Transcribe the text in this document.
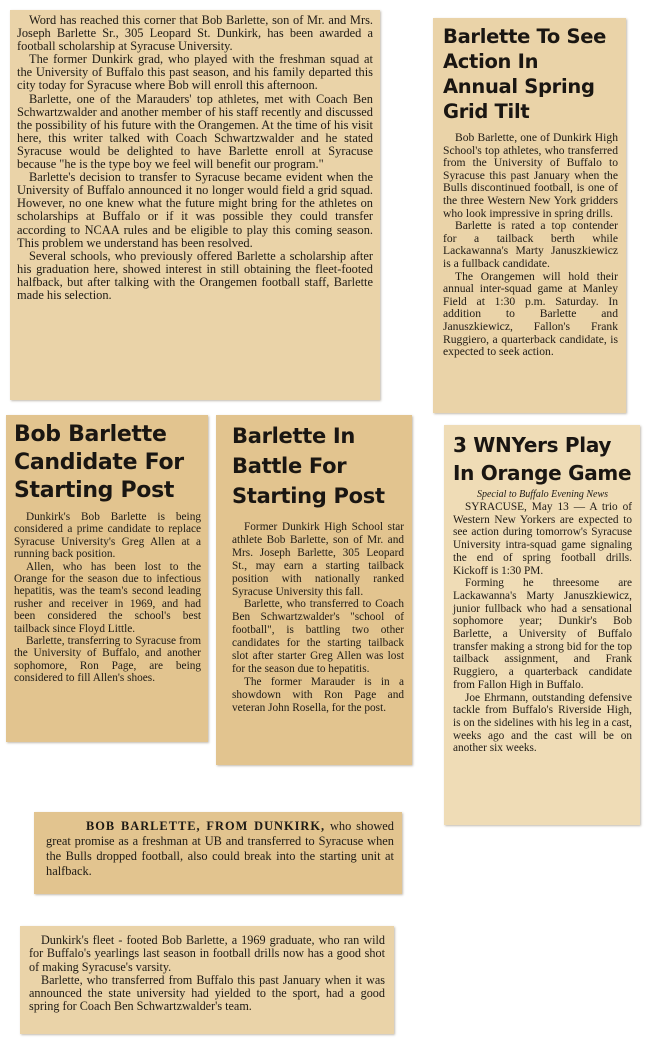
Word has reached this corner that Bob Barlette, son of Mr. and Mrs. Joseph Barlette Sr., 305 Leopard St. Dunkirk, has been awarded a football scholarship at Syracuse University.

The former Dunkirk grad, who played with the freshman squad at the University of Buffalo this past season, and his family departed this city today for Syracuse where Bob will enroll this afternoon.

Barlette, one of the Marauders' top athletes, met with Coach Ben Schwartzwalder and another member of his staff recently and discussed the possibility of his future with the Orangemen. At the time of his visit here, this writer talked with Coach Schwartzwalder and he stated Syracuse would be delighted to have Barlette enroll at Syracuse because "he is the type boy we feel will benefit our program."

Barlette's decision to transfer to Syracuse became evident when the University of Buffalo announced it no longer would field a grid squad. However, no one knew what the future might bring for the athletes on scholarships at Buffalo or if it was possible they could transfer according to NCAA rules and be eligible to play this coming season. This problem we understand has been resolved.

Several schools, who previously offered Barlette a scholarship after his graduation here, showed interest in still obtaining the fleet-footed halfback, but after talking with the Orangemen football staff, Barlette made his selection.

Barlette To See Action In Annual Spring Grid Tilt

Bob Barlette, one of Dunkirk High School's top athletes, who transferred from the University of Buffalo to Syracuse this past January when the Bulls discontinued football, is one of the three Western New York gridders who look impressive in spring drills.

Barlette is rated a top contender for a tailback berth while Lackawanna's Marty Januszkiewicz is a fullback candidate.

The Orangemen will hold their annual inter-squad game at Manley Field at 1:30 p.m. Saturday. In addition to Barlette and Januszkiewicz, Fallon's Frank Ruggiero, a quarterback candidate, is expected to seek action.

Bob Barlette Candidate For Starting Post

Dunkirk's Bob Barlette is being considered a prime candidate to replace Syracuse University's Greg Allen at a running back position.

Allen, who has been lost to the Orange for the season due to infectious hepatitis, was the team's second leading rusher and receiver in 1969, and had been considered the school's best tailback since Floyd Little.

Barlette, transferring to Syracuse from the University of Buffalo, and another sophomore, Ron Page, are being considered to fill Allen's shoes.

Barlette In Battle For Starting Post

Former Dunkirk High School star athlete Bob Barlette, son of Mr. and Mrs. Joseph Barlette, 305 Leopard St., may earn a starting tailback position with nationally ranked Syracuse University this fall.

Barlette, who transferred to Coach Ben Schwartzwalder's "school of football", is battling two other candidates for the starting tailback slot after starter Greg Allen was lost for the season due to hepatitis.

The former Marauder is in a showdown with Ron Page and veteran John Rosella, for the post.

3 WNYers Play In Orange Game
Special to Buffalo Evening News

SYRACUSE, May 13 — A trio of Western New Yorkers are expected to see action during tomorrow's Syracuse University intra-squad game signaling the end of spring football drills. Kickoff is 1:30 PM.

Forming he threesome are Lackawanna's Marty Januszkiewicz, junior fullback who had a sensational sophomore year; Dunkir's Bob Barlette, a University of Buffalo transfer making a strong bid for the top tailback assignment, and Frank Ruggiero, a quarterback candidate from Fallon High in Buffalo.

Joe Ehrmann, outstanding defensive tackle from Buffalo's Riverside High, is on the sidelines with his leg in a cast, weeks ago and the cast will be on another six weeks.

BOB BARLETTE, FROM DUNKIRK, who showed great promise as a freshman at UB and transferred to Syracuse when the Bulls dropped football, also could break into the starting unit at halfback.

Dunkirk's fleet - footed Bob Barlette, a 1969 graduate, who ran wild for Buffalo's yearlings last season in football drills now has a good shot of making Syracuse's varsity.

Barlette, who transferred from Buffalo this past January when it was announced the state university had yielded to the sport, had a good spring for Coach Ben Schwartzwalder's team.
